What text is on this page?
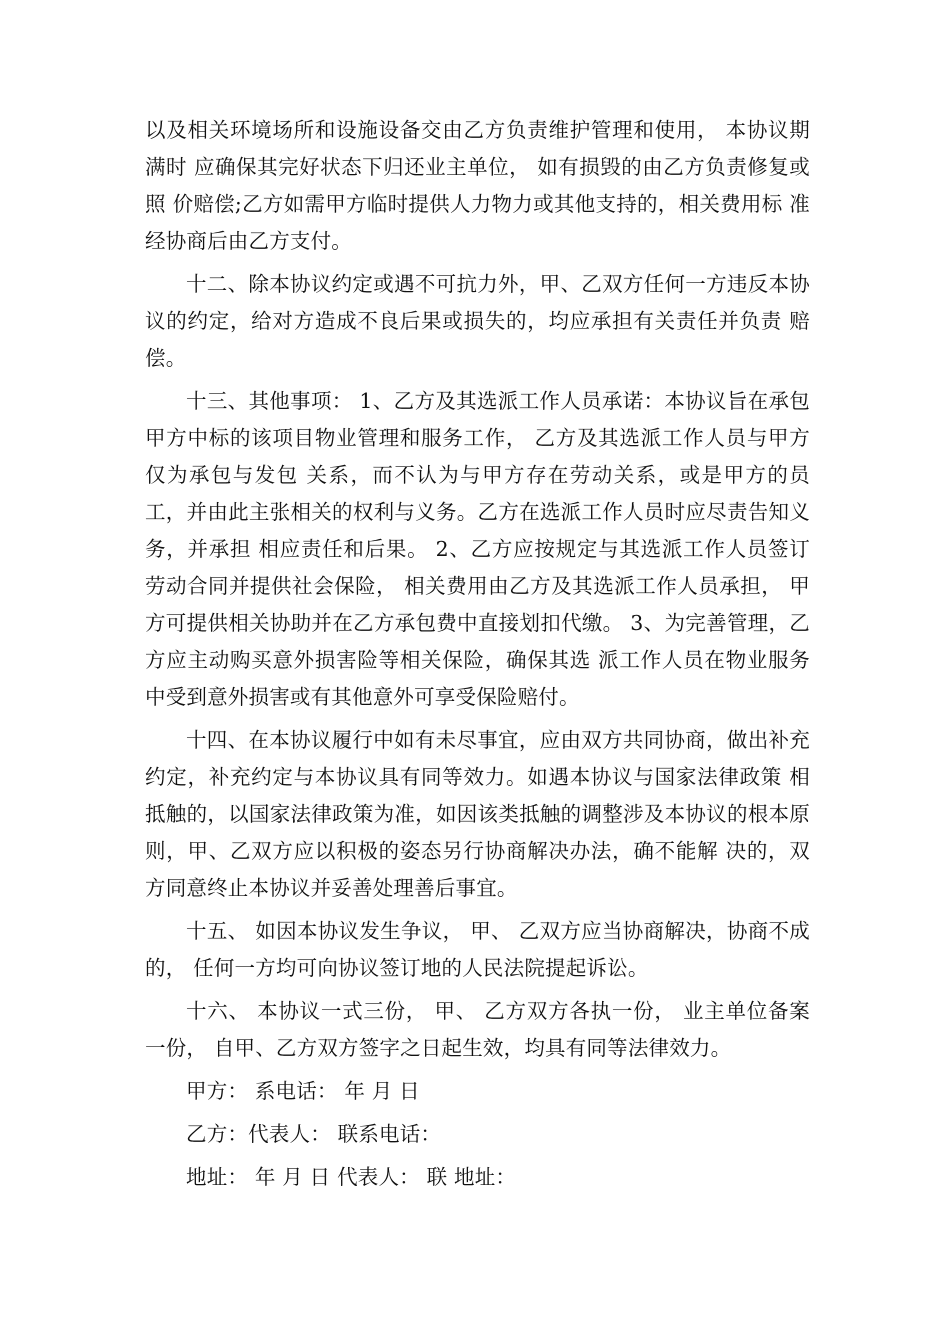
以及相关环境场所和设施设备交由乙方负责维护管理和使用， 本协议期满时 应确保其完好状态下归还业主单位， 如有损毁的由乙方负责修复或照 价赔偿;乙方如需甲方临时提供人力物力或其他支持的，相关费用标 准经协商后由乙方支付。

十二、除本协议约定或遇不可抗力外，甲、乙双方任何一方违反本协议的约定，给对方造成不良后果或损失的，均应承担有关责任并负责 赔偿。

十三、其他事项： 1、乙方及其选派工作人员承诺：本协议旨在承包甲方中标的该项目物业管理和服务工作， 乙方及其选派工作人员与甲方仅为承包与发包 关系，而不认为与甲方存在劳动关系，或是甲方的员工，并由此主张相关的权利与义务。乙方在选派工作人员时应尽责告知义务，并承担 相应责任和后果。 2、乙方应按规定与其选派工作人员签订劳动合同并提供社会保险， 相关费用由乙方及其选派工作人员承担， 甲方可提供相关协助并在乙方承包费中直接划扣代缴。 3、为完善管理，乙方应主动购买意外损害险等相关保险，确保其选 派工作人员在物业服务中受到意外损害或有其他意外可享受保险赔付。

十四、在本协议履行中如有未尽事宜，应由双方共同协商，做出补充 约定，补充约定与本协议具有同等效力。如遇本协议与国家法律政策 相抵触的，以国家法律政策为准，如因该类抵触的调整涉及本协议的根本原则，甲、乙双方应以积极的姿态另行协商解决办法，确不能解 决的，双方同意终止本协议并妥善处理善后事宜。

十五、 如因本协议发生争议， 甲、 乙双方应当协商解决，协商不成的， 任何一方均可向协议签订地的人民法院提起诉讼。

十六、 本协议一式三份， 甲、 乙方双方各执一份， 业主单位备案一份， 自甲、乙方双方签字之日起生效，均具有同等法律效力。

甲方： 系电话： 年 月 日

乙方：代表人： 联系电话：

地址： 年 月 日 代表人： 联 地址：
